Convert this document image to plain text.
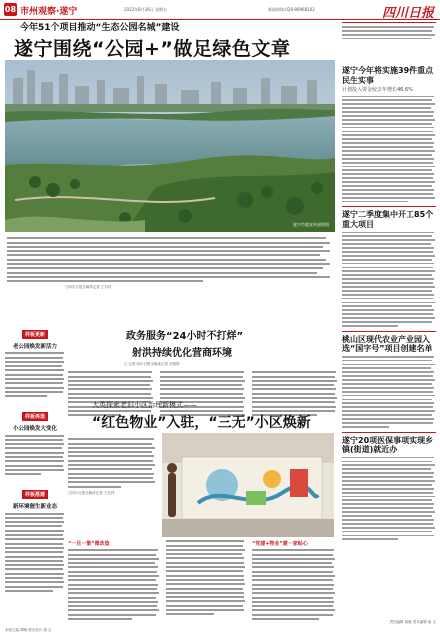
08 市州观察·遂宁	2022年8月26日 星期五	新闻热线:028-86968102	四川日报
今年51个项目推动“生态公园名城”建设
遂宁围绕“公园+”做足绿色文章
遂宁市委宣传部供图
□四川日报全媒体记者 王若祥
样板更新
老公园焕发新活力
样板再造
小公园焕发大变化
样板搭建
新环境催生新业态
政务服务“24小时不打烊”
射洪持续优化营商环境
□ 记者 四川日报全媒体记者 刘梁婷
大英探索老旧小区治理新模式——
“红色物业”入驻，“三无”小区焕新
□四川日报全媒体记者 王若祥
“一旦一策”微改造	“党建+物业”建一家贴心
遂宁今年将实施39件重点民生实事
计划投入资金较去年增长46.6%
遂宁二季度集中开工85个重大项目
桃山区现代农业产业园入选“国字号”项目创建名单
遂宁20项医保事项实现乡镇(街道)就近办
本版主编 谭晓 版式设计 唐 吉
责任编辑 周晓 美术编辑 唐 吉
